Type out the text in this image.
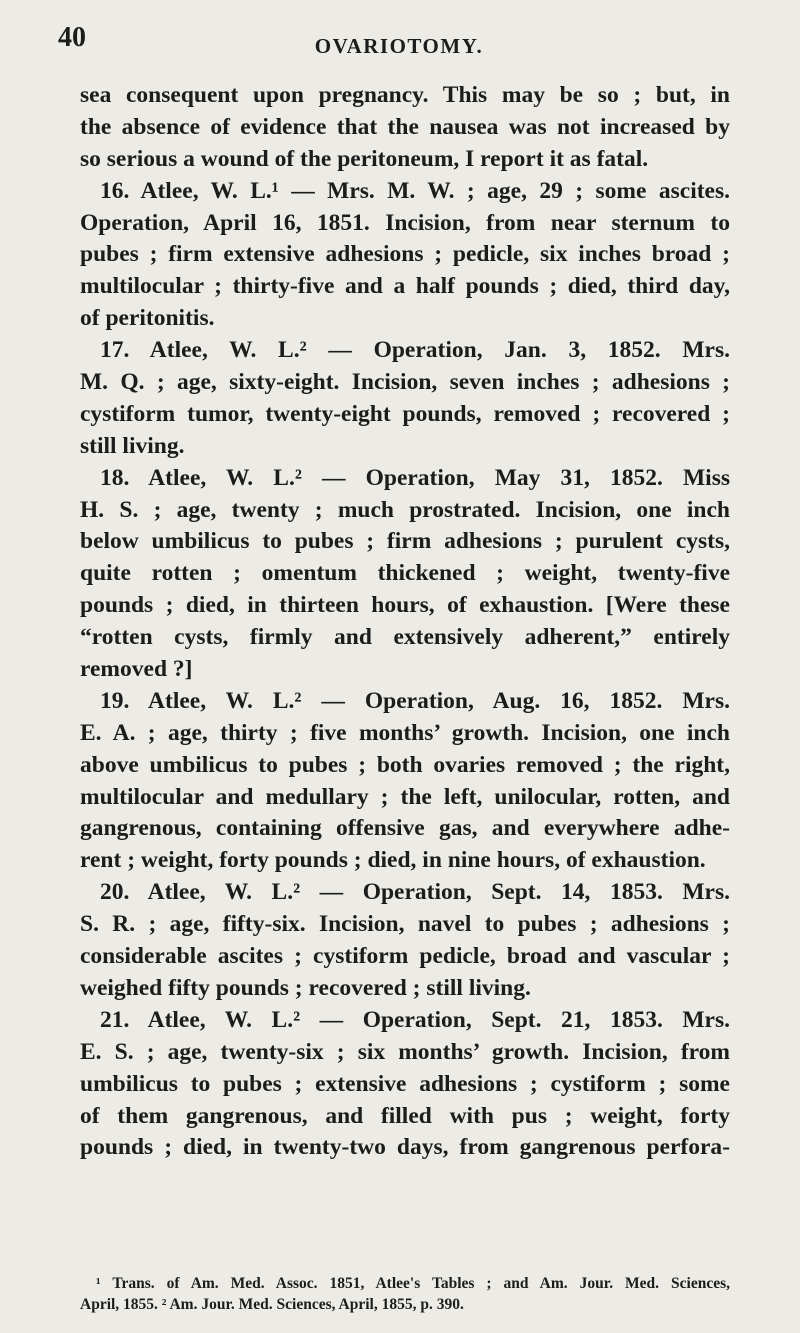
40	OVARIOTOMY.
sea consequent upon pregnancy. This may be so ; but, in
the absence of evidence that the nausea was not increased by
so serious a wound of the peritoneum, I report it as fatal.
16. Atlee, W. L.¹ — Mrs. M. W. ; age, 29 ; some ascites.
Operation, April 16, 1851. Incision, from near sternum to
pubes ; firm extensive adhesions ; pedicle, six inches broad ;
multilocular ; thirty-five and a half pounds ; died, third day,
of peritonitis.
17. Atlee, W. L.² — Operation, Jan. 3, 1852. Mrs.
M. Q. ; age, sixty-eight. Incision, seven inches ; adhesions ;
cystiform tumor, twenty-eight pounds, removed ; recovered ;
still living.
18. Atlee, W. L.² — Operation, May 31, 1852. Miss
H. S. ; age, twenty ; much prostrated. Incision, one inch
below umbilicus to pubes ; firm adhesions ; purulent cysts,
quite rotten ; omentum thickened ; weight, twenty-five
pounds ; died, in thirteen hours, of exhaustion. [Were these
“rotten cysts, firmly and extensively adherent,” entirely
removed ?]
19. Atlee, W. L.² — Operation, Aug. 16, 1852. Mrs.
E. A. ; age, thirty ; five months’ growth. Incision, one inch
above umbilicus to pubes ; both ovaries removed ; the right,
multilocular and medullary ; the left, unilocular, rotten, and
gangrenous, containing offensive gas, and everywhere adhe-
rent ; weight, forty pounds ; died, in nine hours, of exhaustion.
20. Atlee, W. L.² — Operation, Sept. 14, 1853. Mrs.
S. R. ; age, fifty-six. Incision, navel to pubes ; adhesions ;
considerable ascites ; cystiform pedicle, broad and vascular ;
weighed fifty pounds ; recovered ; still living.
21. Atlee, W. L.² — Operation, Sept. 21, 1853. Mrs.
E. S. ; age, twenty-six ; six months’ growth. Incision, from
umbilicus to pubes ; extensive adhesions ; cystiform ; some
of them gangrenous, and filled with pus ; weight, forty
pounds ; died, in twenty-two days, from gangrenous perfora-
¹ Trans. of Am. Med. Assoc. 1851, Atlee's Tables ; and Am. Jour. Med. Sciences,
April, 1855. ² Am. Jour. Med. Sciences, April, 1855, p. 390.
